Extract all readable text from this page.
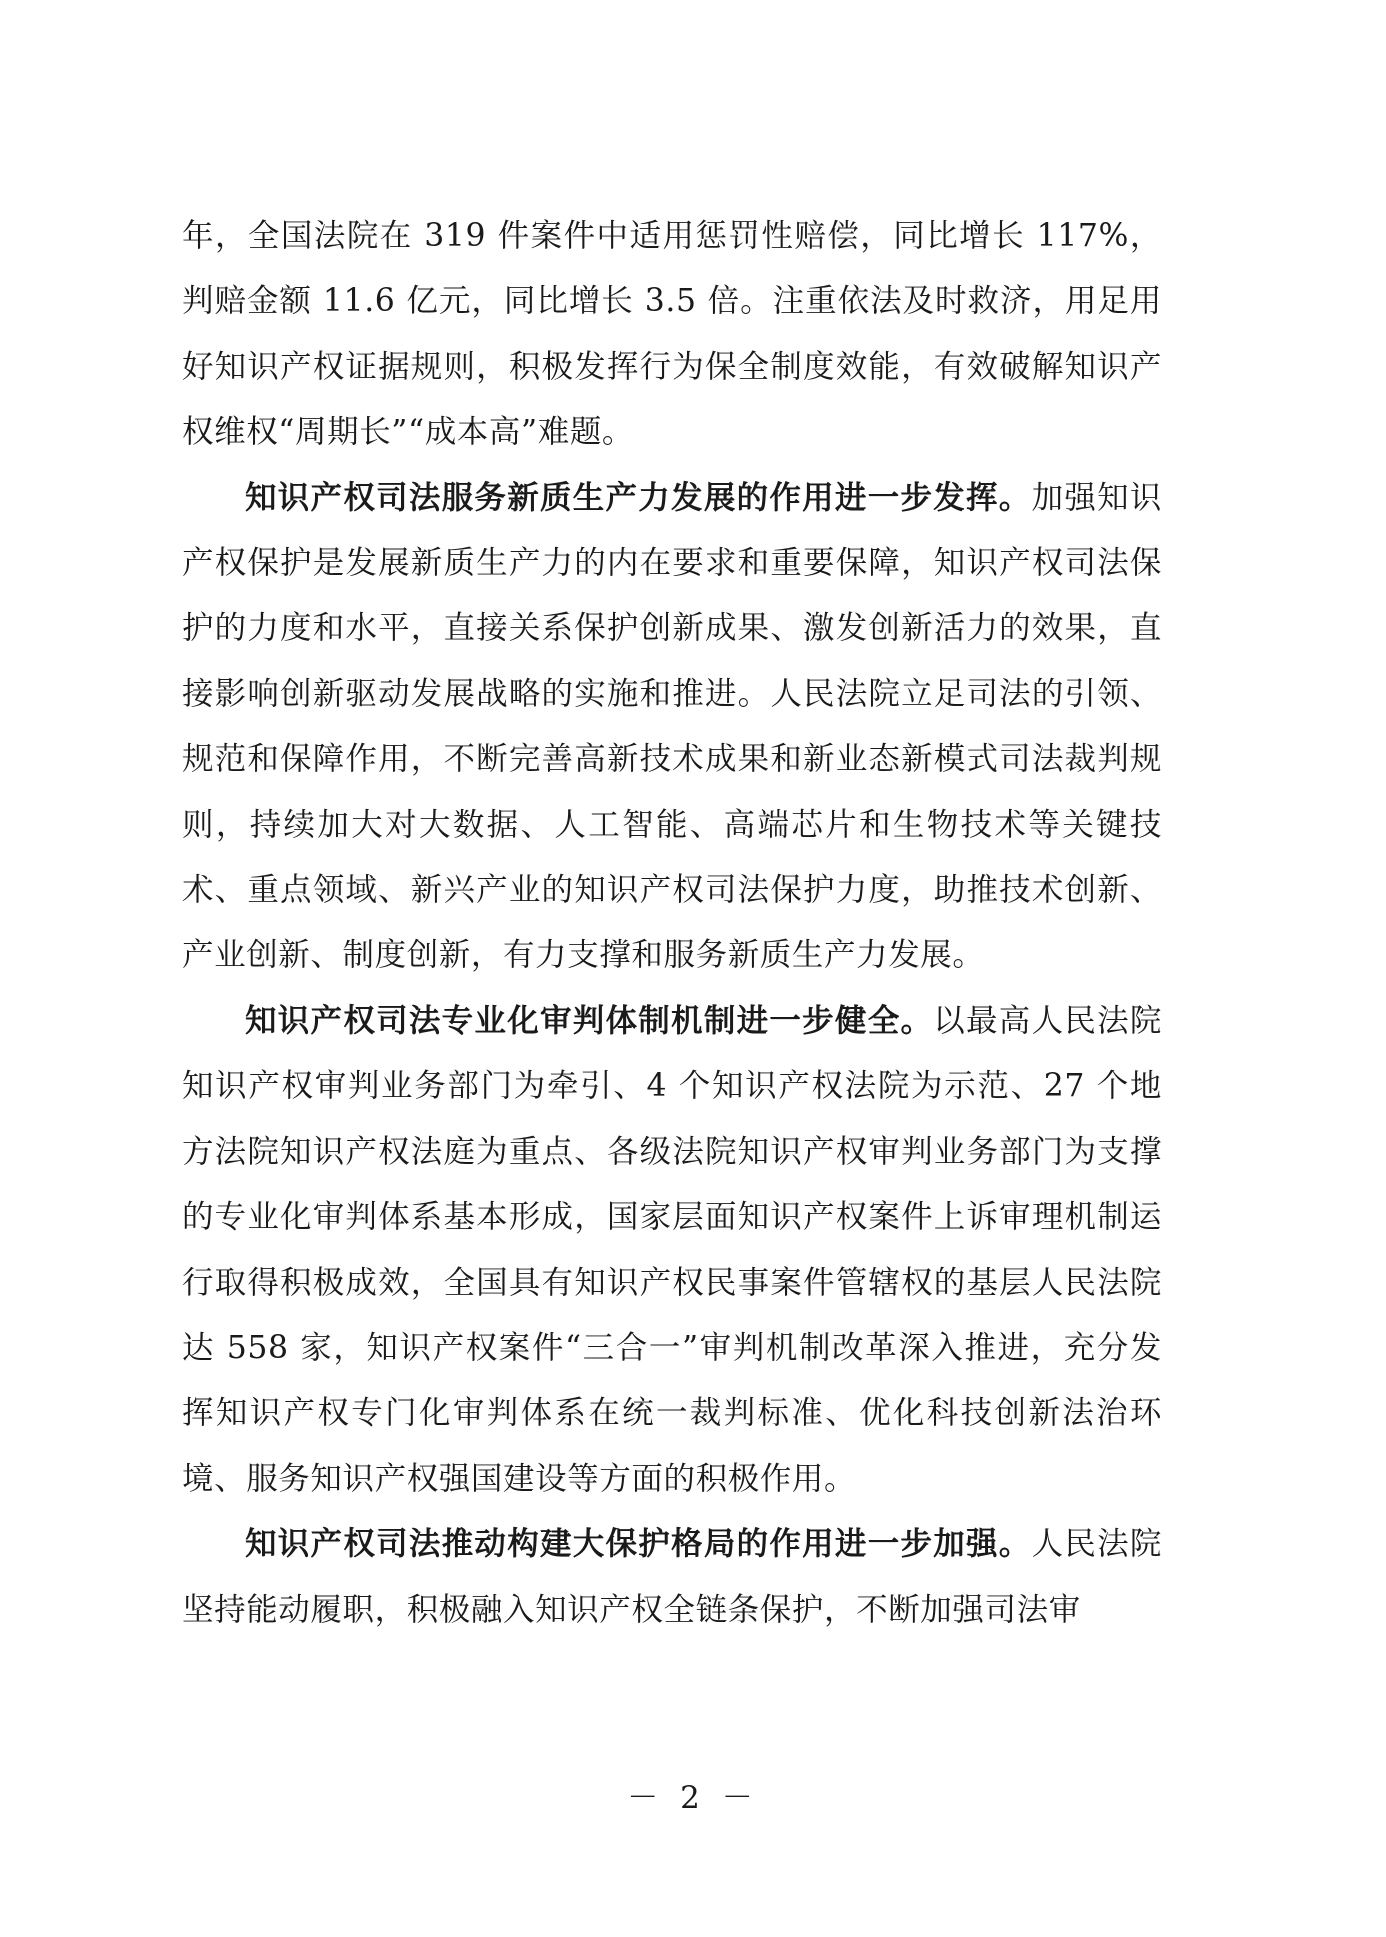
年，全国法院在 319 件案件中适用惩罚性赔偿，同比增长 117%，判赔金额 11.6 亿元，同比增长 3.5 倍。注重依法及时救济，用足用好知识产权证据规则，积极发挥行为保全制度效能，有效破解知识产权维权“周期长”“成本高”难题。

知识产权司法服务新质生产力发展的作用进一步发挥。加强知识产权保护是发展新质生产力的内在要求和重要保障，知识产权司法保护的力度和水平，直接关系保护创新成果、激发创新活力的效果，直接影响创新驱动发展战略的实施和推进。人民法院立足司法的引领、规范和保障作用，不断完善高新技术成果和新业态新模式司法裁判规则，持续加大对大数据、人工智能、高端芯片和生物技术等关键技术、重点领域、新兴产业的知识产权司法保护力度，助推技术创新、产业创新、制度创新，有力支撑和服务新质生产力发展。

知识产权司法专业化审判体制机制进一步健全。以最高人民法院知识产权审判业务部门为牵引、4 个知识产权法院为示范、27 个地方法院知识产权法庭为重点、各级法院知识产权审判业务部门为支撑的专业化审判体系基本形成，国家层面知识产权案件上诉审理机制运行取得积极成效，全国具有知识产权民事案件管辖权的基层人民法院达 558 家，知识产权案件“三合一”审判机制改革深入推进，充分发挥知识产权专门化审判体系在统一裁判标准、优化科技创新法治环境、服务知识产权强国建设等方面的积极作用。

知识产权司法推动构建大保护格局的作用进一步加强。人民法院坚持能动履职，积极融入知识产权全链条保护，不断加强司法审

－ 2 －
